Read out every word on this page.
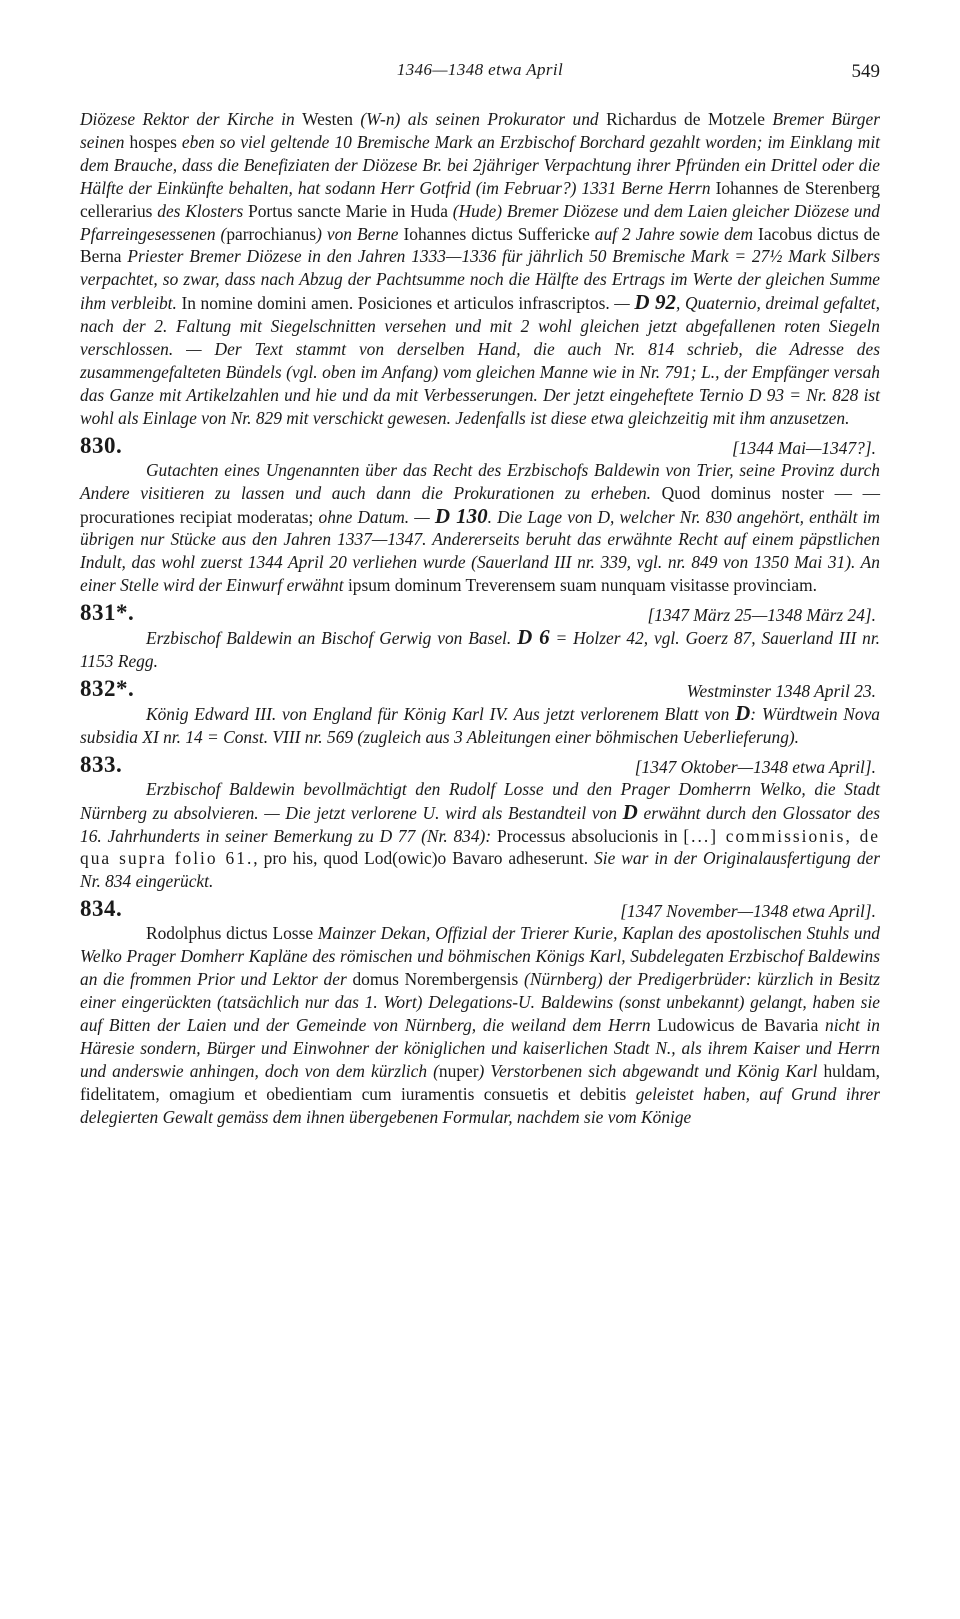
1346—1348 etwa April	549

Diözese Rektor der Kirche in Westen (W-n) als seinen Prokurator und Richardus de Motzele Bremer Bürger seinen hospes eben so viel geltende 10 Bremische Mark an Erzbischof Borchard gezahlt worden; im Einklang mit dem Brauche, dass die Benefiziaten der Diözese Br. bei 2jähriger Verpachtung ihrer Pfründen ein Drittel oder die Hälfte der Einkünfte behalten, hat sodann Herr Gotfrid (im Februar?) 1331 Berne Herrn Iohannes de Sterenberg cellerarius des Klosters Portus sancte Marie in Huda (Hude) Bremer Diözese und dem Laien gleicher Diözese und Pfarreingesessenen (parrochianus) von Berne Iohannes dictus Suffericke auf 2 Jahre sowie dem Iacobus dictus de Berna Priester Bremer Diözese in den Jahren 1333—1336 für jährlich 50 Bremische Mark = 27½ Mark Silbers verpachtet, so zwar, dass nach Abzug der Pachtsumme noch die Hälfte des Ertrags im Werte der gleichen Summe ihm verbleibt. In nomine domini amen. Posiciones et articulos infrascriptos. — D 92, Quaternio, dreimal gefaltet, nach der 2. Faltung mit Siegelschnitten versehen und mit 2 wohl gleichen jetzt abgefallenen roten Siegeln verschlossen. — Der Text stammt von derselben Hand, die auch Nr. 814 schrieb, die Adresse des zusammengefalteten Bündels (vgl. oben im Anfang) vom gleichen Manne wie in Nr. 791; L., der Empfänger versah das Ganze mit Artikelzahlen und hie und da mit Verbesserungen. Der jetzt eingeheftete Ternio D 93 = Nr. 828 ist wohl als Einlage von Nr. 829 mit verschickt gewesen. Jedenfalls ist diese etwa gleichzeitig mit ihm anzusetzen.

830.	[1344 Mai—1347?].

Gutachten eines Ungenannten über das Recht des Erzbischofs Baldewin von Trier, seine Provinz durch Andere visitieren zu lassen und auch dann die Prokurationen zu erheben. Quod dominus noster — — procurationes recipiat moderatas; ohne Datum. — D 130. Die Lage von D, welcher Nr. 830 angehört, enthält im übrigen nur Stücke aus den Jahren 1337—1347. Andererseits beruht das erwähnte Recht auf einem päpstlichen Indult, das wohl zuerst 1344 April 20 verliehen wurde (Sauerland III nr. 339, vgl. nr. 849 von 1350 Mai 31). An einer Stelle wird der Einwurf erwähnt ipsum dominum Treverensem suam nunquam visitasse provinciam.

831*.	[1347 März 25—1348 März 24].

Erzbischof Baldewin an Bischof Gerwig von Basel. D 6 = Holzer 42, vgl. Goerz 87, Sauerland III nr. 1153 Regg.

832*.	Westminster 1348 April 23.

König Edward III. von England für König Karl IV. Aus jetzt verlorenem Blatt von D: Würdtwein Nova subsidia XI nr. 14 = Const. VIII nr. 569 (zugleich aus 3 Ableitungen einer böhmischen Ueberlieferung).

833.	[1347 Oktober—1348 etwa April].

Erzbischof Baldewin bevollmächtigt den Rudolf Losse und den Prager Domherrn Welko, die Stadt Nürnberg zu absolvieren. — Die jetzt verlorene U. wird als Bestandteil von D erwähnt durch den Glossator des 16. Jahrhunderts in seiner Bemerkung zu D 77 (Nr. 834): Processus absolucionis in [...] commissionis, de qua supra folio 61., pro his, quod Lod(owic)o Bavaro adheserunt. Sie war in der Originalausfertigung der Nr. 834 eingerückt.

834.	[1347 November—1348 etwa April].

Rodolphus dictus Losse Mainzer Dekan, Offizial der Trierer Kurie, Kaplan des apostolischen Stuhls und Welko Prager Domherr Kapläne des römischen und böhmischen Königs Karl, Subdelegaten Erzbischof Baldewins an die frommen Prior und Lektor der domus Norembergensis (Nürnberg) der Predigerbrüder: kürzlich in Besitz einer eingerückten (tatsächlich nur das 1. Wort) Delegations-U. Baldewins (sonst unbekannt) gelangt, haben sie auf Bitten der Laien und der Gemeinde von Nürnberg, die weiland dem Herrn Ludowicus de Bavaria nicht in Häresie sondern, Bürger und Einwohner der königlichen und kaiserlichen Stadt N., als ihrem Kaiser und Herrn und anderswie anhingen, doch von dem kürzlich (nuper) Verstorbenen sich abgewandt und König Karl huldam, fidelitatem, omagium et obedientiam cum iuramentis consuetis et debitis geleistet haben, auf Grund ihrer delegierten Gewalt gemäss dem ihnen übergebenen Formular, nachdem sie vom Könige
